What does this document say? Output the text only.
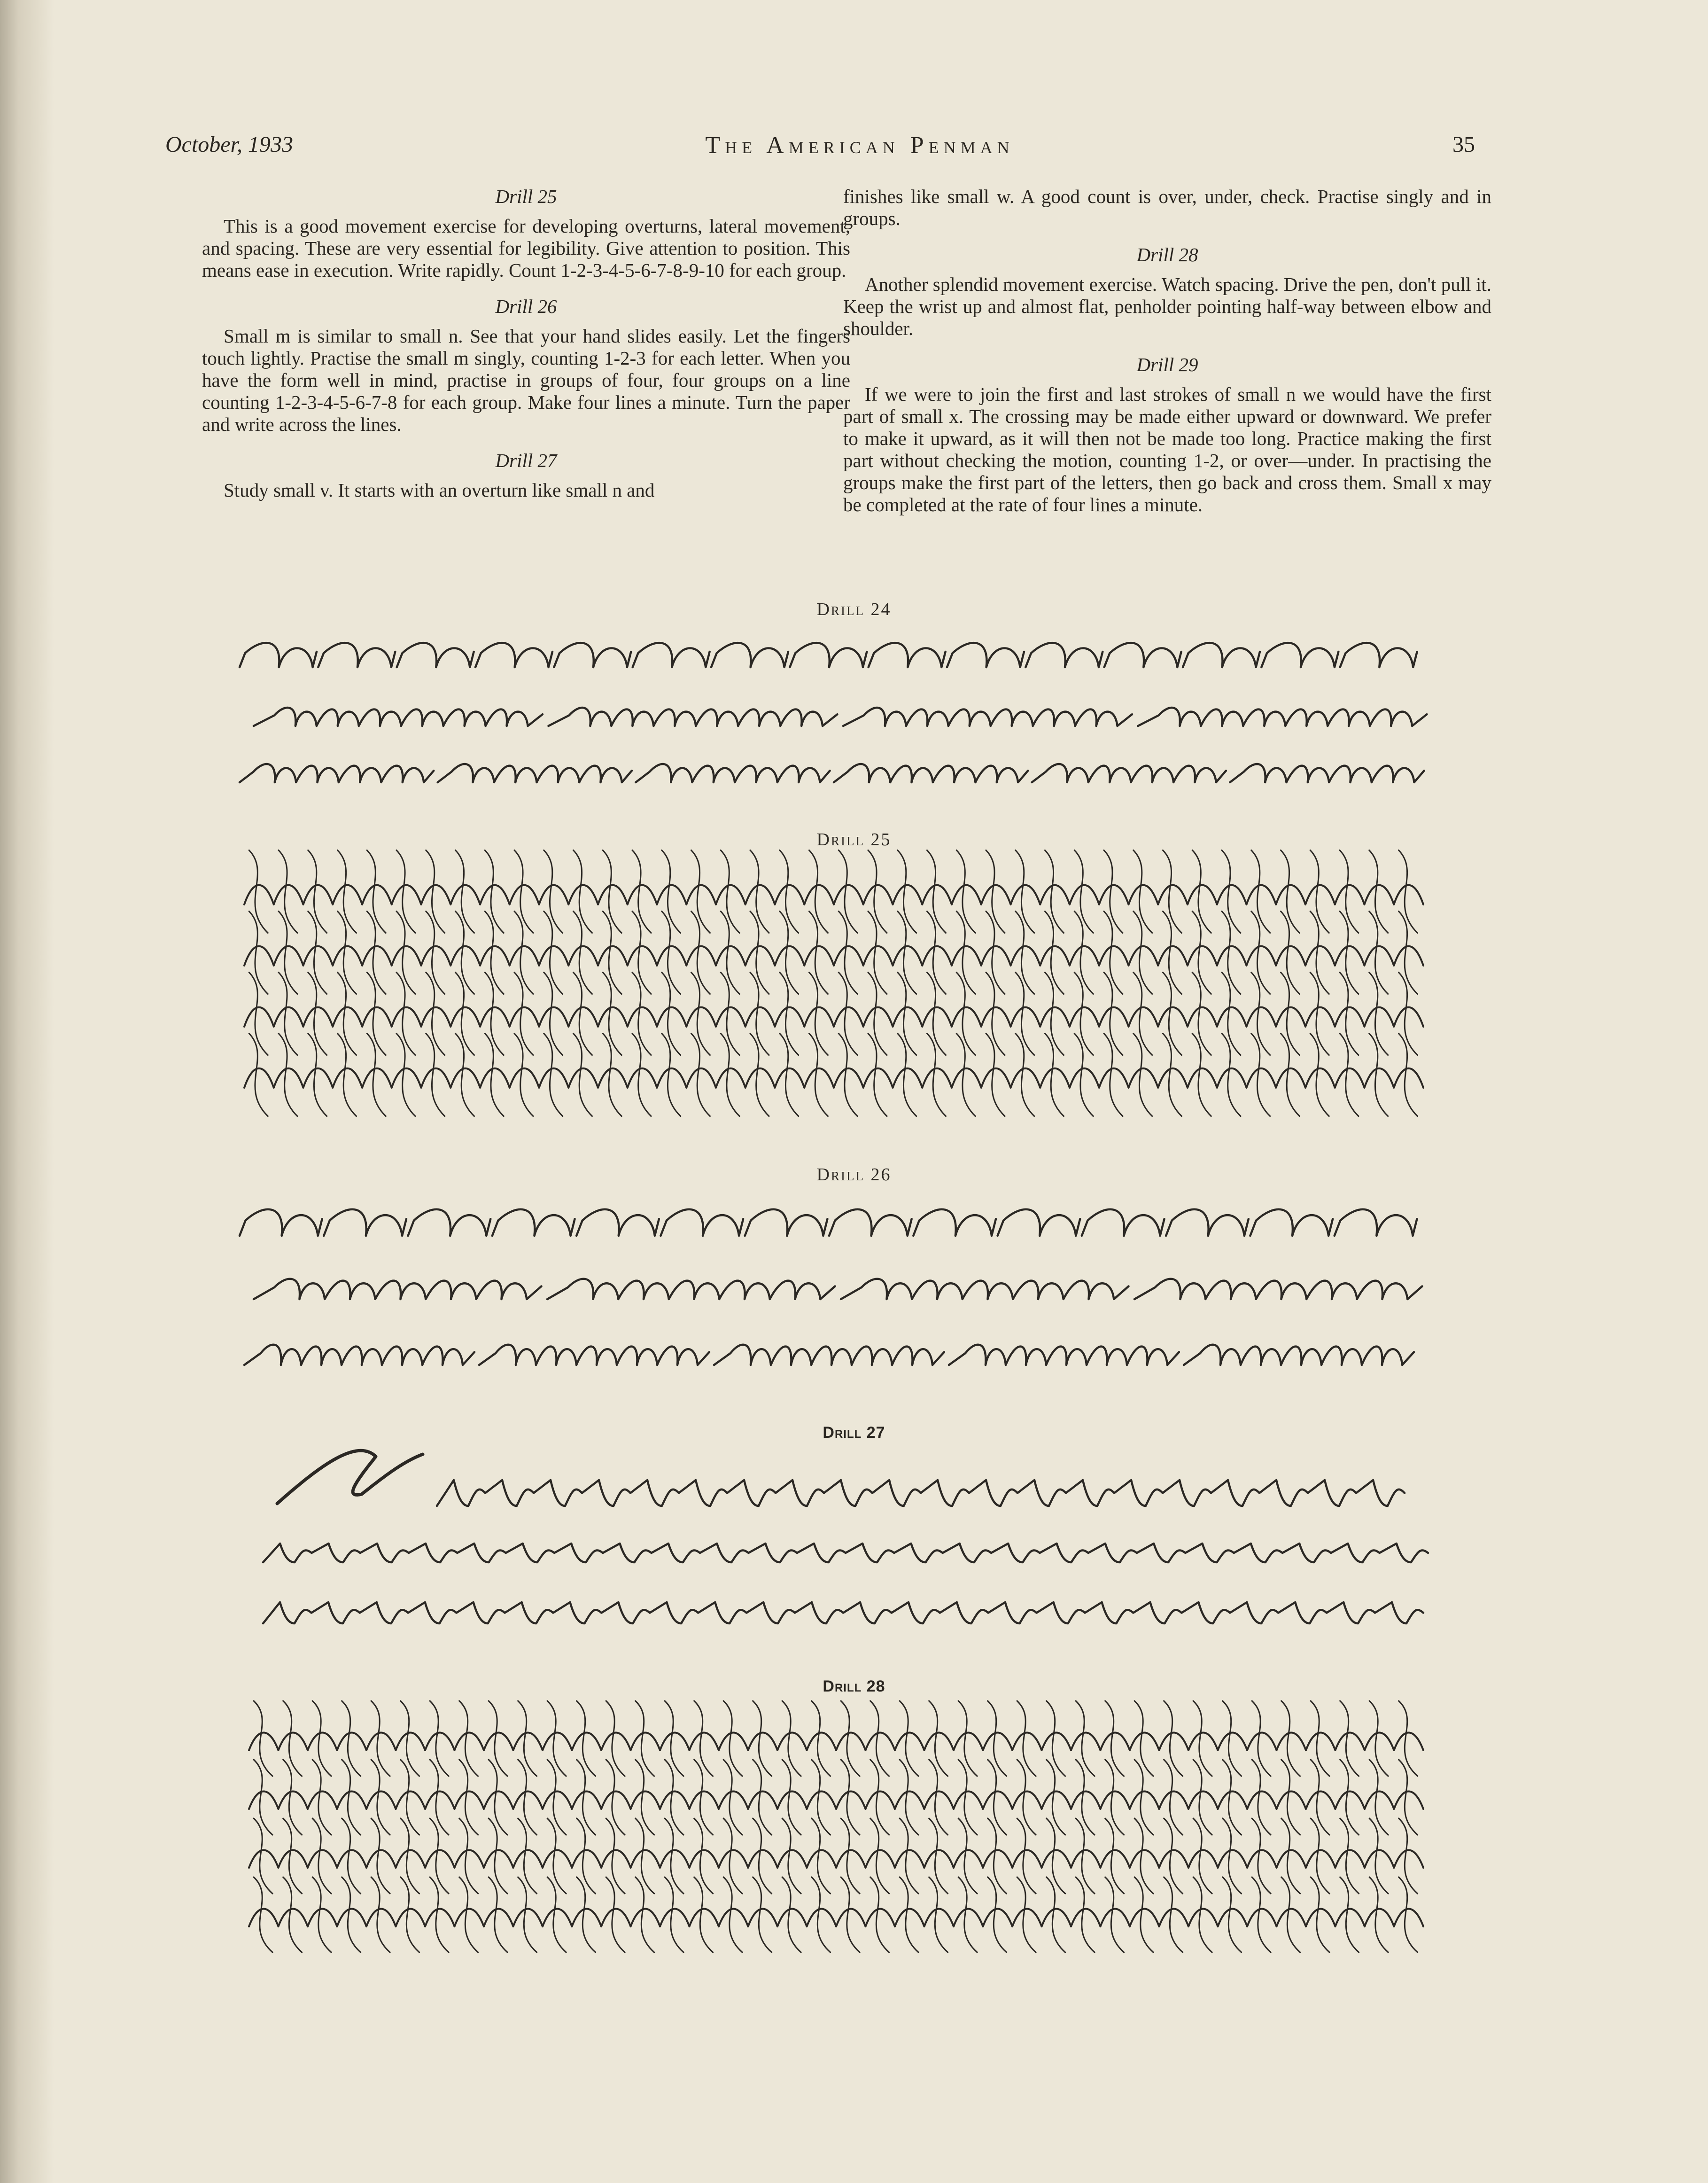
October, 1933	The American Penman	35
Drill 25

This is a good movement exercise for developing overturns, lateral movement, and spacing. These are very essential for legibility. Give attention to position. This means ease in execution. Write rapidly. Count 1-2-3-4-5-6-7-8-9-10 for each group.

Drill 26

Small m is similar to small n. See that your hand slides easily. Let the fingers touch lightly. Practise the small m singly, counting 1-2-3 for each letter. When you have the form well in mind, practise in groups of four, four groups on a line counting 1-2-3-4-5-6-7-8 for each group. Make four lines a minute. Turn the paper and write across the lines.

Drill 27

Study small v. It starts with an overturn like small n and

finishes like small w. A good count is over, under, check. Practise singly and in groups.

Drill 28

Another splendid movement exercise. Watch spacing. Drive the pen, don't pull it. Keep the wrist up and almost flat, penholder pointing half-way between elbow and shoulder.

Drill 29

If we were to join the first and last strokes of small n we would have the first part of small x. The crossing may be made either upward or downward. We prefer to make it upward, as it will then not be made too long. Practice making the first part without checking the motion, counting 1-2, or over—under. In practising the groups make the first part of the letters, then go back and cross them. Small x may be completed at the rate of four lines a minute.

Drill 24
Drill 25
Drill 26
Drill 27
Drill 28
